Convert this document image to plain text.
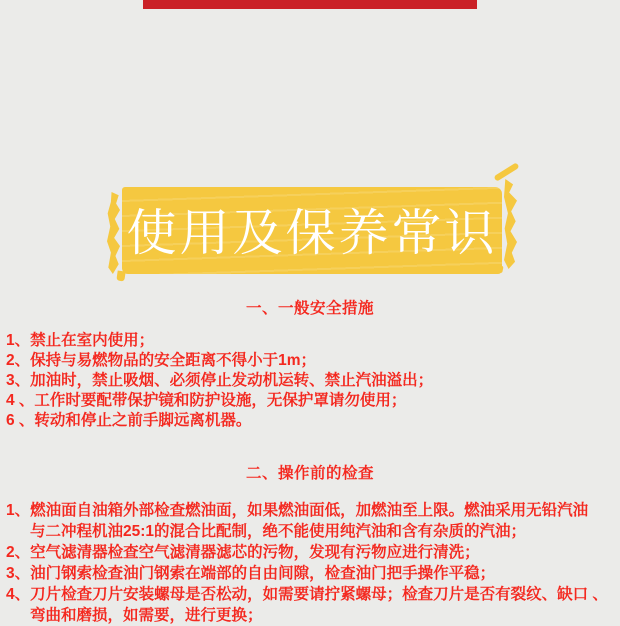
使用及保养常识
一、一般安全措施
1、禁止在室内使用；
2、保持与易燃物品的安全距离不得小于1m；
3、加油时，禁止吸烟、必须停止发动机运转、禁止汽油溢出；
4 、工作时要配带保护镜和防护设施，无保护罩请勿使用；
6 、转动和停止之前手脚远离机器。
二、操作前的检查
1、燃油面自油箱外部检查燃油面，如果燃油面低，加燃油至上限。燃油采用无铅汽油
与二冲程机油25:1的混合比配制，绝不能使用纯汽油和含有杂质的汽油；
2、空气滤清器检查空气滤清器滤芯的污物，发现有污物应进行清洗；
3、油门钢索检查油门钢索在端部的自由间隙，检查油门把手操作平稳；
4、刀片检查刀片安装螺母是否松动，如需要请拧紧螺母；检查刀片是否有裂纹、缺口 、
弯曲和磨损，如需要，进行更换；
